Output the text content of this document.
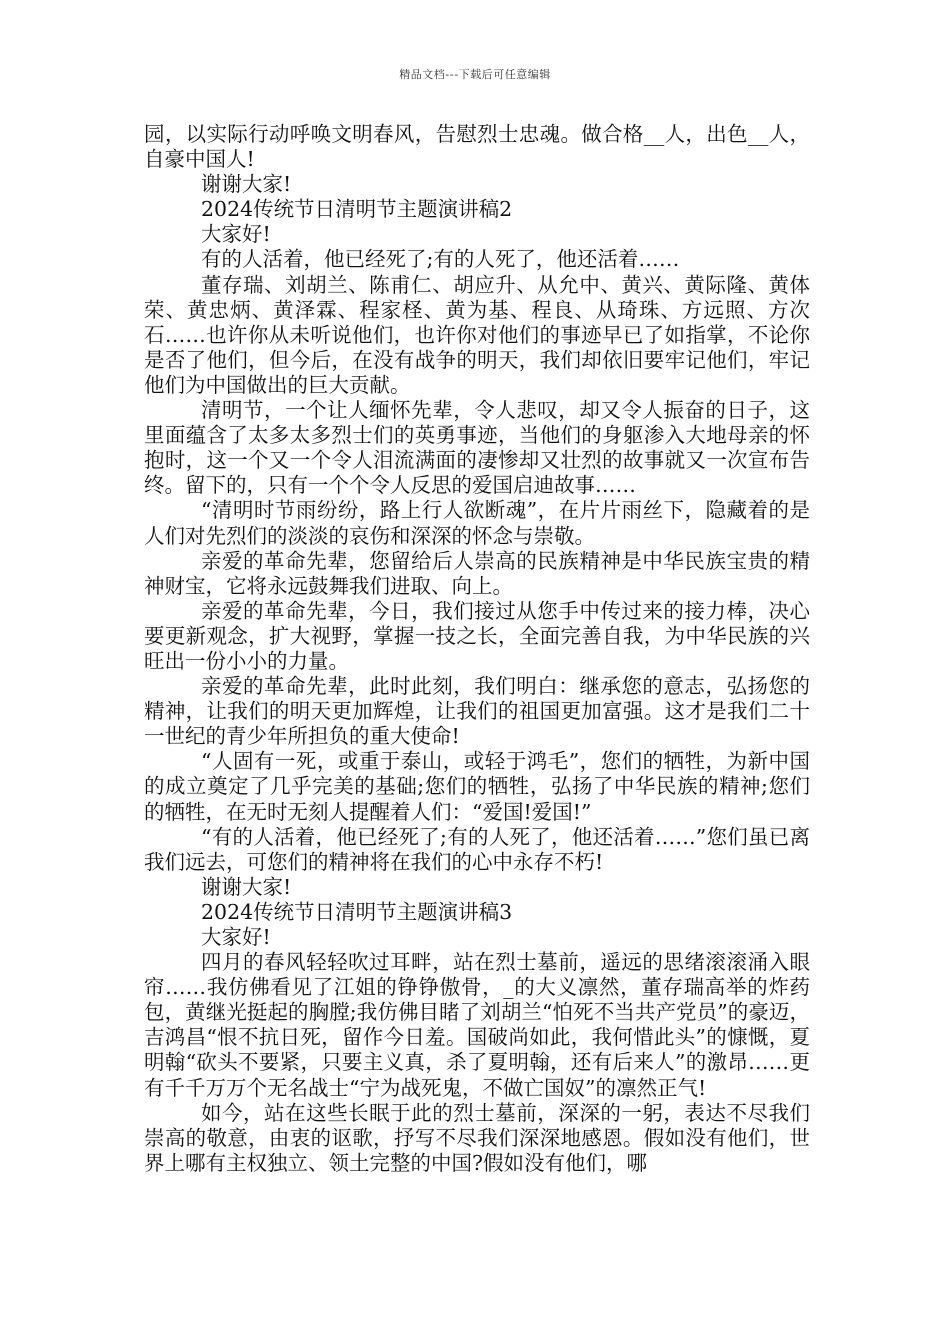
精品文档---下载后可任意编辑

园，以实际行动呼唤文明春风，告慰烈士忠魂。做合格__人，出色__人，自豪中国人!

谢谢大家!

2024传统节日清明节主题演讲稿2

大家好!

有的人活着，他已经死了;有的人死了，他还活着……

董存瑞、刘胡兰、陈甫仁、胡应升、从允中、黄兴、黄际隆、黄体荣、黄忠炳、黄泽霖、程家柽、黄为基、程良、从琦珠、方远照、方次石……也许你从未听说他们，也许你对他们的事迹早已了如指掌，不论你是否了他们，但今后，在没有战争的明天，我们却依旧要牢记他们，牢记他们为中国做出的巨大贡献。

清明节，一个让人缅怀先辈，令人悲叹，却又令人振奋的日子，这里面蕴含了太多太多烈士们的英勇事迹，当他们的身躯渗入大地母亲的怀抱时，这一个又一个令人泪流满面的凄惨却又壮烈的故事就又一次宣布告终。留下的，只有一个个令人反思的爱国启迪故事……

“清明时节雨纷纷，路上行人欲断魂”，在片片雨丝下，隐藏着的是人们对先烈们的淡淡的哀伤和深深的怀念与崇敬。

亲爱的革命先辈，您留给后人崇高的民族精神是中华民族宝贵的精神财宝，它将永远鼓舞我们进取、向上。

亲爱的革命先辈，今日，我们接过从您手中传过来的接力棒，决心要更新观念，扩大视野，掌握一技之长，全面完善自我，为中华民族的兴旺出一份小小的力量。

亲爱的革命先辈，此时此刻，我们明白：继承您的意志，弘扬您的精神，让我们的明天更加辉煌，让我们的祖国更加富强。这才是我们二十一世纪的青少年所担负的重大使命!

“人固有一死，或重于泰山，或轻于鸿毛”，您们的牺牲，为新中国的成立奠定了几乎完美的基础;您们的牺牲，弘扬了中华民族的精神;您们的牺牲，在无时无刻人提醒着人们：“爱国!爱国!”

“有的人活着，他已经死了;有的人死了，他还活着……”您们虽已离我们远去，可您们的精神将在我们的心中永存不朽!

谢谢大家!

2024传统节日清明节主题演讲稿3

大家好!

四月的春风轻轻吹过耳畔，站在烈士墓前，遥远的思绪滚滚涌入眼帘……我仿佛看见了江姐的铮铮傲骨，_的大义凛然，董存瑞高举的炸药包，黄继光挺起的胸膛;我仿佛目睹了刘胡兰“怕死不当共产党员”的豪迈，吉鸿昌“恨不抗日死，留作今日羞。国破尚如此，我何惜此头”的慷慨，夏明翰“砍头不要紧，只要主义真，杀了夏明翰，还有后来人”的激昂……更有千千万万个无名战士“宁为战死鬼，不做亡国奴”的凛然正气!

如今，站在这些长眠于此的烈士墓前，深深的一躬，表达不尽我们崇高的敬意，由衷的讴歌，抒写不尽我们深深地感恩。假如没有他们，世界上哪有主权独立、领土完整的中国?假如没有他们，哪
